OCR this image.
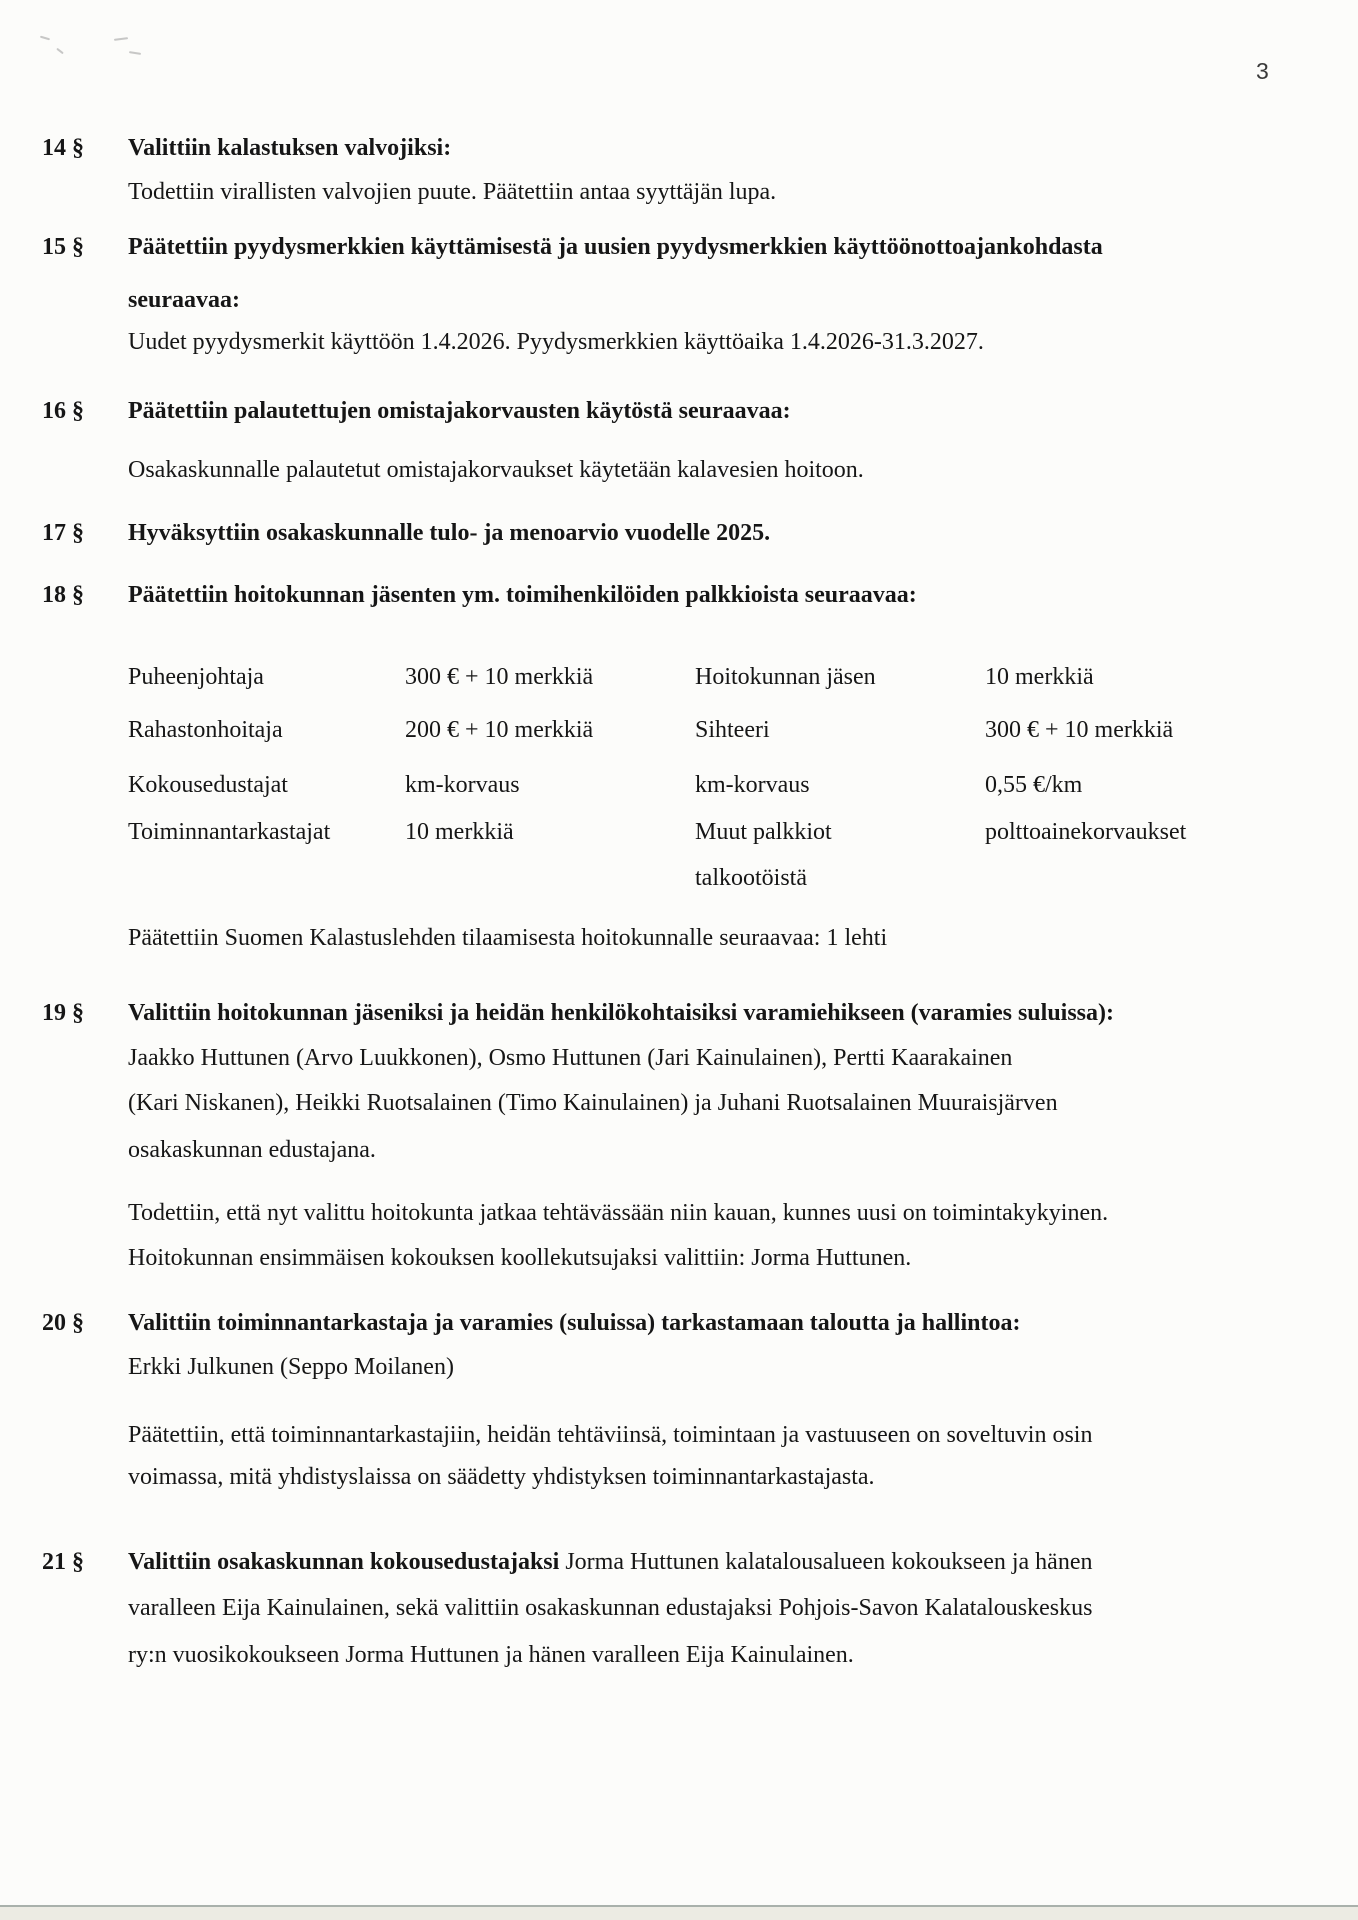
3
14 § Valittiin kalastuksen valvojiksi:
Todettiin virallisten valvojien puute. Päätettiin antaa syyttäjän lupa.
15 § Päätettiin pyydysmerkkien käyttämisestä ja uusien pyydysmerkkien käyttöönottoajankohdasta
seuraavaa:
Uudet pyydysmerkit käyttöön 1.4.2026. Pyydysmerkkien käyttöaika 1.4.2026-31.3.2027.
16 § Päätettiin palautettujen omistajakorvausten käytöstä seuraavaa:
Osakaskunnalle palautetut omistajakorvaukset käytetään kalavesien hoitoon.
17 § Hyväksyttiin osakaskunnalle tulo- ja menoarvio vuodelle 2025.
18 § Päätettiin hoitokunnan jäsenten ym. toimihenkilöiden palkkioista seuraavaa:
Puheenjohtaja	300 € + 10 merkkiä	Hoitokunnan jäsen	10 merkkiä
Rahastonhoitaja	200 € + 10 merkkiä	Sihteeri	300 € + 10 merkkiä
Kokousedustajat	km-korvaus	km-korvaus	0,55 €/km
Toiminnantarkastajat	10 merkkiä	Muut palkkiot	polttoainekorvaukset
talkootöistä
Päätettiin Suomen Kalastuslehden tilaamisesta hoitokunnalle seuraavaa: 1 lehti
19 § Valittiin hoitokunnan jäseniksi ja heidän henkilökohtaisiksi varamiehikseen (varamies suluissa):
Jaakko Huttunen (Arvo Luukkonen), Osmo Huttunen (Jari Kainulainen), Pertti Kaarakainen
(Kari Niskanen), Heikki Ruotsalainen (Timo Kainulainen) ja Juhani Ruotsalainen Muuraisjärven
osakaskunnan edustajana.
Todettiin, että nyt valittu hoitokunta jatkaa tehtävässään niin kauan, kunnes uusi on toimintakykyinen.
Hoitokunnan ensimmäisen kokouksen koollekutsujaksi valittiin: Jorma Huttunen.
20 § Valittiin toiminnantarkastaja ja varamies (suluissa) tarkastamaan taloutta ja hallintoa:
Erkki Julkunen (Seppo Moilanen)
Päätettiin, että toiminnantarkastajiin, heidän tehtäviinsä, toimintaan ja vastuuseen on soveltuvin osin
voimassa, mitä yhdistyslaissa on säädetty yhdistyksen toiminnantarkastajasta.
21 § Valittiin osakaskunnan kokousedustajaksi Jorma Huttunen kalatalousalueen kokoukseen ja hänen
varalleen Eija Kainulainen, sekä valittiin osakaskunnan edustajaksi Pohjois-Savon Kalatalouskeskus
ry:n vuosikokoukseen Jorma Huttunen ja hänen varalleen Eija Kainulainen.
